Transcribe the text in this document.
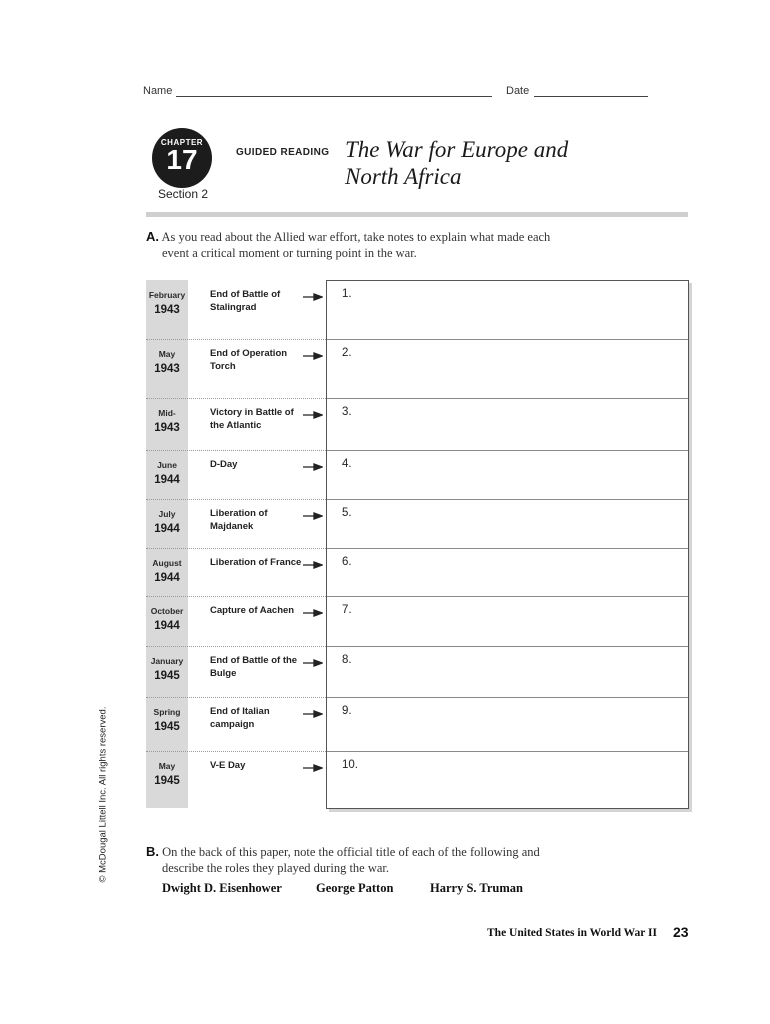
Name	Date
CHAPTER
17
Section 2
GUIDED READING The War for Europe and
North Africa
A. As you read about the Allied war effort, take notes to explain what made each
event a critical moment or turning point in the war.
February
1943
End of Battle of Stalingrad
1.
May
1943
End of Operation Torch
2.
Mid-
1943
Victory in Battle of the Atlantic
3.
June
1944
D-Day	4.
July
1944
Liberation of Majdanek
5.
August
1944
Liberation of France	6.
October
1944
Capture of Aachen	7.
January
1945
End of Battle of the Bulge
8.
Spring
1945
End of Italian campaign
9.
May
1945
V-E Day	10.
© McDougal Littell Inc. All rights reserved.	B. On the back of this paper, note the official title of each of the following and
describe the roles they played during the war.
Dwight D. Eisenhower	George Patton	Harry S. Truman
The United States in World War II 23
